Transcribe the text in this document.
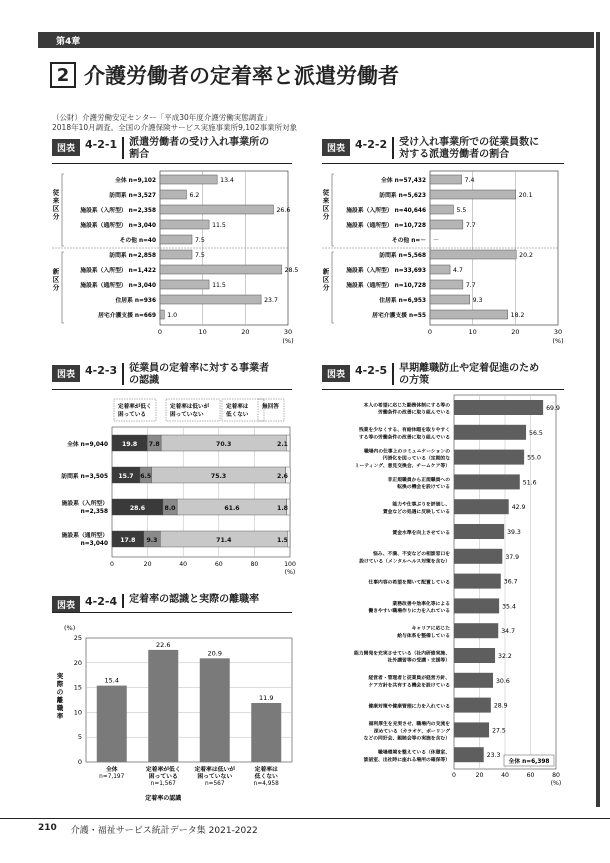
第4章
2 介護労働者の定着率と派遣労働者
（公財）介護労働安定センター「平成30年度介護労働実態調査」
2018年10月調査。全国の介護保険サービス実施事業所9,102事業所対象
図表 4-2-1 派遣労働者の受け入れ事業所の
割合
0	10	20	30
(%)
従
来
区
分
新
区
分
全体 n=9,102	13.4
訪問系 n=3,527	6.2
施設系（入所型） n=2,358	26.6
施設系（通所型） n=3,040	11.5
その他 n=40	7.5
訪問系 n=2,858	7.5
施設系（入所型） n=1,422	28.5
施設系（通所型） n=3,040	11.5
住居系 n=936	23.7
居宅介護支援 n=669 1.0
図表 4-2-2 受け入れ事業所での従業員数に
対する派遣労働者の割合
0	10	20	30
(%)
従
来
区
分
新
区
分
全体 n=57,432	7.4
訪問系 n=5,623	20.1
施設系（入所型） n=40,646	5.5
施設系（通所型） n=10,728	7.7
その他 n=－ －
訪問系 n=5,568	20.2
施設系（入所型） n=33,693	4.7
施設系（通所型） n=10,728	7.7
住居系 n=6,953	9.3
居宅介護支援 n=55	18.2
図表 4-2-3 従業員の定着率に対する事業者
の認識
定着率が低く
困っている
定着率は低いが
困っていない
定着率は
低くない
無回答
0	20	40	60	80	100
(%)
全体 n=9,040 19.8 7.8	70.3	2.1
訪問系 n=3,505 15.7 6.5	75.3	2.6
施設系（入所型）
n=2,358	28.6	8.0	61.6	1.8
施設系（通所型）
n=3,040 17.8 9.3	71.4	1.5
図表 4-2-4 定着率の認識と実際の離職率
(%)
0
5
10
15
20
25
実
際
の
離
職
率
15.4
全体
n=7,197
22.6
定着率が低く
困っている
n=1,567
20.9
定着率は低いが
困っていない
n=567
11.9
定着率は
低くない
n=4,958
定着率の認識
図表 4-2-5 早期離職防止や定着促進のため
の方策
0	20	40	60	80
(%)
69.9
本人の希望に応じた勤務体制にする等の
労働条件の改善に取り組んでいる
56.5
残業を少なくする、有給休暇を取りやすく
する等の労働条件の改善に取り組んでいる
55.0
職場内の仕事上のコミュニケーションの
円滑化を図っている（定期的な
ミーティング、意見交換会、チームケア等）
51.6
非正規職員から正規職員への
転換の機会を設けている
42.9
能力や仕事ぶりを評価し、
賃金などの処遇に反映している
39.3
賃金水準を向上させている
37.9
悩み、不満、不安などの相談窓口を
設けている（メンタルヘルス対策を含む）
36.7
仕事内容の希望を聞いて配置している
35.4
業務改善や効率化等による
働きやすい職場作りに力を入れている
34.7
キャリアに応じた
給与体系を整備している
32.2
能力開発を充実させている（社内研修実施、
社外講習等の受講・支援等）
30.6
経営者・管理者と従業員が経営方針、
ケア方針を共有する機会を設けている
28.9
健康対策や健康管理に力を入れている
27.5
福利厚生を充実させ、職場内の交流を
深めている（カラオケ、ボーリング
などの同好会、親睦会等の実施を含む）
23.3
職場環境を整えている（休憩室、
談話室、出社時に座れる場所の確保等）	全体 n=6,398
210 介護・福祉サービス統計データ集 2021-2022
